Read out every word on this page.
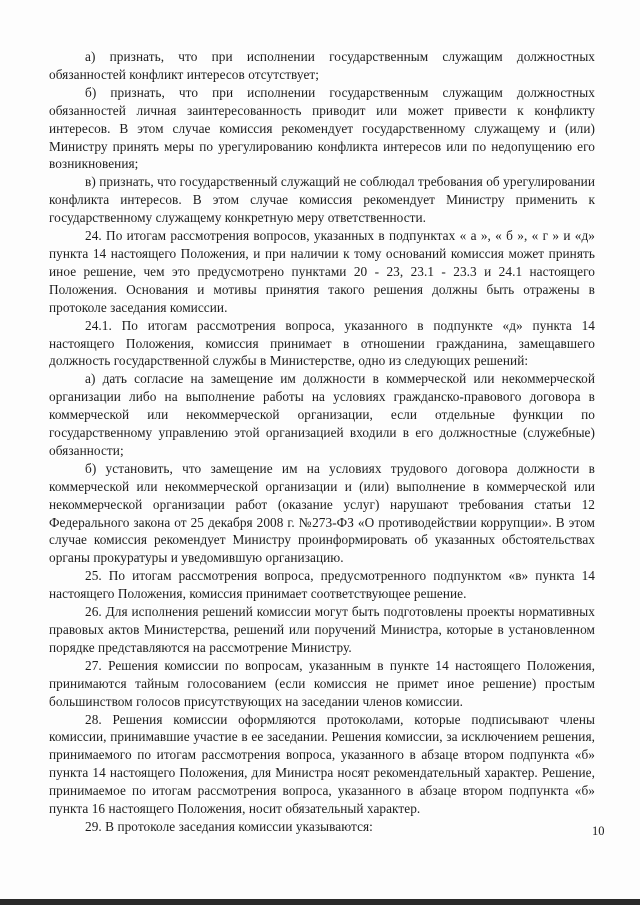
а) признать, что при исполнении государственным служащим должностных обязанностей конфликт интересов отсутствует;

б) признать, что при исполнении государственным служащим должностных обязанностей личная заинтересованность приводит или может привести к конфликту интересов. В этом случае комиссия рекомендует государственному служащему и (или) Министру принять меры по урегулированию конфликта интересов или по недопущению его возникновения;

в) признать, что государственный служащий не соблюдал требования об урегулировании конфликта интересов. В этом случае комиссия рекомендует Министру применить к государственному служащему конкретную меру ответственности.

24. По итогам рассмотрения вопросов, указанных в подпунктах « а », « б », « г » и «д» пункта 14 настоящего Положения, и при наличии к тому оснований комиссия может принять иное решение, чем это предусмотрено пунктами 20 - 23, 23.1 - 23.3 и 24.1 настоящего Положения. Основания и мотивы принятия такого решения должны быть отражены в протоколе заседания комиссии.

24.1. По итогам рассмотрения вопроса, указанного в подпункте «д» пункта 14 настоящего Положения, комиссия принимает в отношении гражданина, замещавшего должность государственной службы в Министерстве, одно из следующих решений:

а) дать согласие на замещение им должности в коммерческой или некоммерческой организации либо на выполнение работы на условиях гражданско-правового договора в коммерческой или некоммерческой организации, если отдельные функции по государственному управлению этой организацией входили в его должностные (служебные) обязанности;

б) установить, что замещение им на условиях трудового договора должности в коммерческой или некоммерческой организации и (или) выполнение в коммерческой или некоммерческой организации работ (оказание услуг) нарушают требования статьи 12 Федерального закона от 25 декабря 2008 г. №273-ФЗ «О противодействии коррупции». В этом случае комиссия рекомендует Министру проинформировать об указанных обстоятельствах органы прокуратуры и уведомившую организацию.

25. По итогам рассмотрения вопроса, предусмотренного подпунктом «в» пункта 14 настоящего Положения, комиссия принимает соответствующее решение.

26. Для исполнения решений комиссии могут быть подготовлены проекты нормативных правовых актов Министерства, решений или поручений Министра, которые в установленном порядке представляются на рассмотрение Министру.

27. Решения комиссии по вопросам, указанным в пункте 14 настоящего Положения, принимаются тайным голосованием (если комиссия не примет иное решение) простым большинством голосов присутствующих на заседании членов комиссии.

28. Решения комиссии оформляются протоколами, которые подписывают члены комиссии, принимавшие участие в ее заседании. Решения комиссии, за исключением решения, принимаемого по итогам рассмотрения вопроса, указанного в абзаце втором подпункта «б» пункта 14 настоящего Положения, для Министра носят рекомендательный характер. Решение, принимаемое по итогам рассмотрения вопроса, указанного в абзаце втором подпункта «б» пункта 16 настоящего Положения, носит обязательный характер.

29. В протоколе заседания комиссии указываются:	10
